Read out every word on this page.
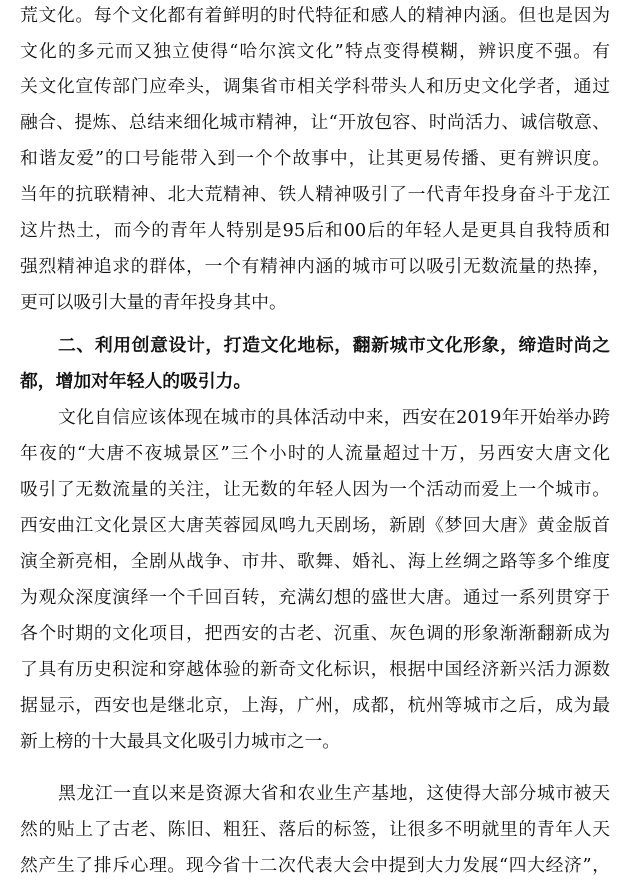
荒文化。每个文化都有着鲜明的时代特征和感人的精神内涵。但也是因为
文化的多元而又独立使得“哈尔滨文化”特点变得模糊，辨识度不强。有
关文化宣传部门应牵头，调集省市相关学科带头人和历史文化学者，通过
融合、提炼、总结来细化城市精神，让“开放包容、时尚活力、诚信敬意、
和谐友爱”的口号能带入到一个个故事中，让其更易传播、更有辨识度。
当年的抗联精神、北大荒精神、铁人精神吸引了一代青年投身奋斗于龙江
这片热土，而今的青年人特别是95后和00后的年轻人是更具自我特质和
强烈精神追求的群体，一个有精神内涵的城市可以吸引无数流量的热捧，
更可以吸引大量的青年投身其中。
二、利用创意设计，打造文化地标，翻新城市文化形象，缔造时尚之
都，增加对年轻人的吸引力。
文化自信应该体现在城市的具体活动中来，西安在2019年开始举办跨
年夜的“大唐不夜城景区”三个小时的人流量超过十万，另西安大唐文化
吸引了无数流量的关注，让无数的年轻人因为一个活动而爱上一个城市。
西安曲江文化景区大唐芙蓉园凤鸣九天剧场，新剧《梦回大唐》黄金版首
演全新亮相，全剧从战争、市井、歌舞、婚礼、海上丝绸之路等多个维度
为观众深度演绎一个千回百转，充满幻想的盛世大唐。通过一系列贯穿于
各个时期的文化项目，把西安的古老、沉重、灰色调的形象渐渐翻新成为
了具有历史积淀和穿越体验的新奇文化标识，根据中国经济新兴活力源数
据显示，西安也是继北京，上海，广州，成都，杭州等城市之后，成为最
新上榜的十大最具文化吸引力城市之一。
黑龙江一直以来是资源大省和农业生产基地，这使得大部分城市被天
然的贴上了古老、陈旧、粗狂、落后的标签，让很多不明就里的青年人天
然产生了排斥心理。现今省十二次代表大会中提到大力发展“四大经济”，
